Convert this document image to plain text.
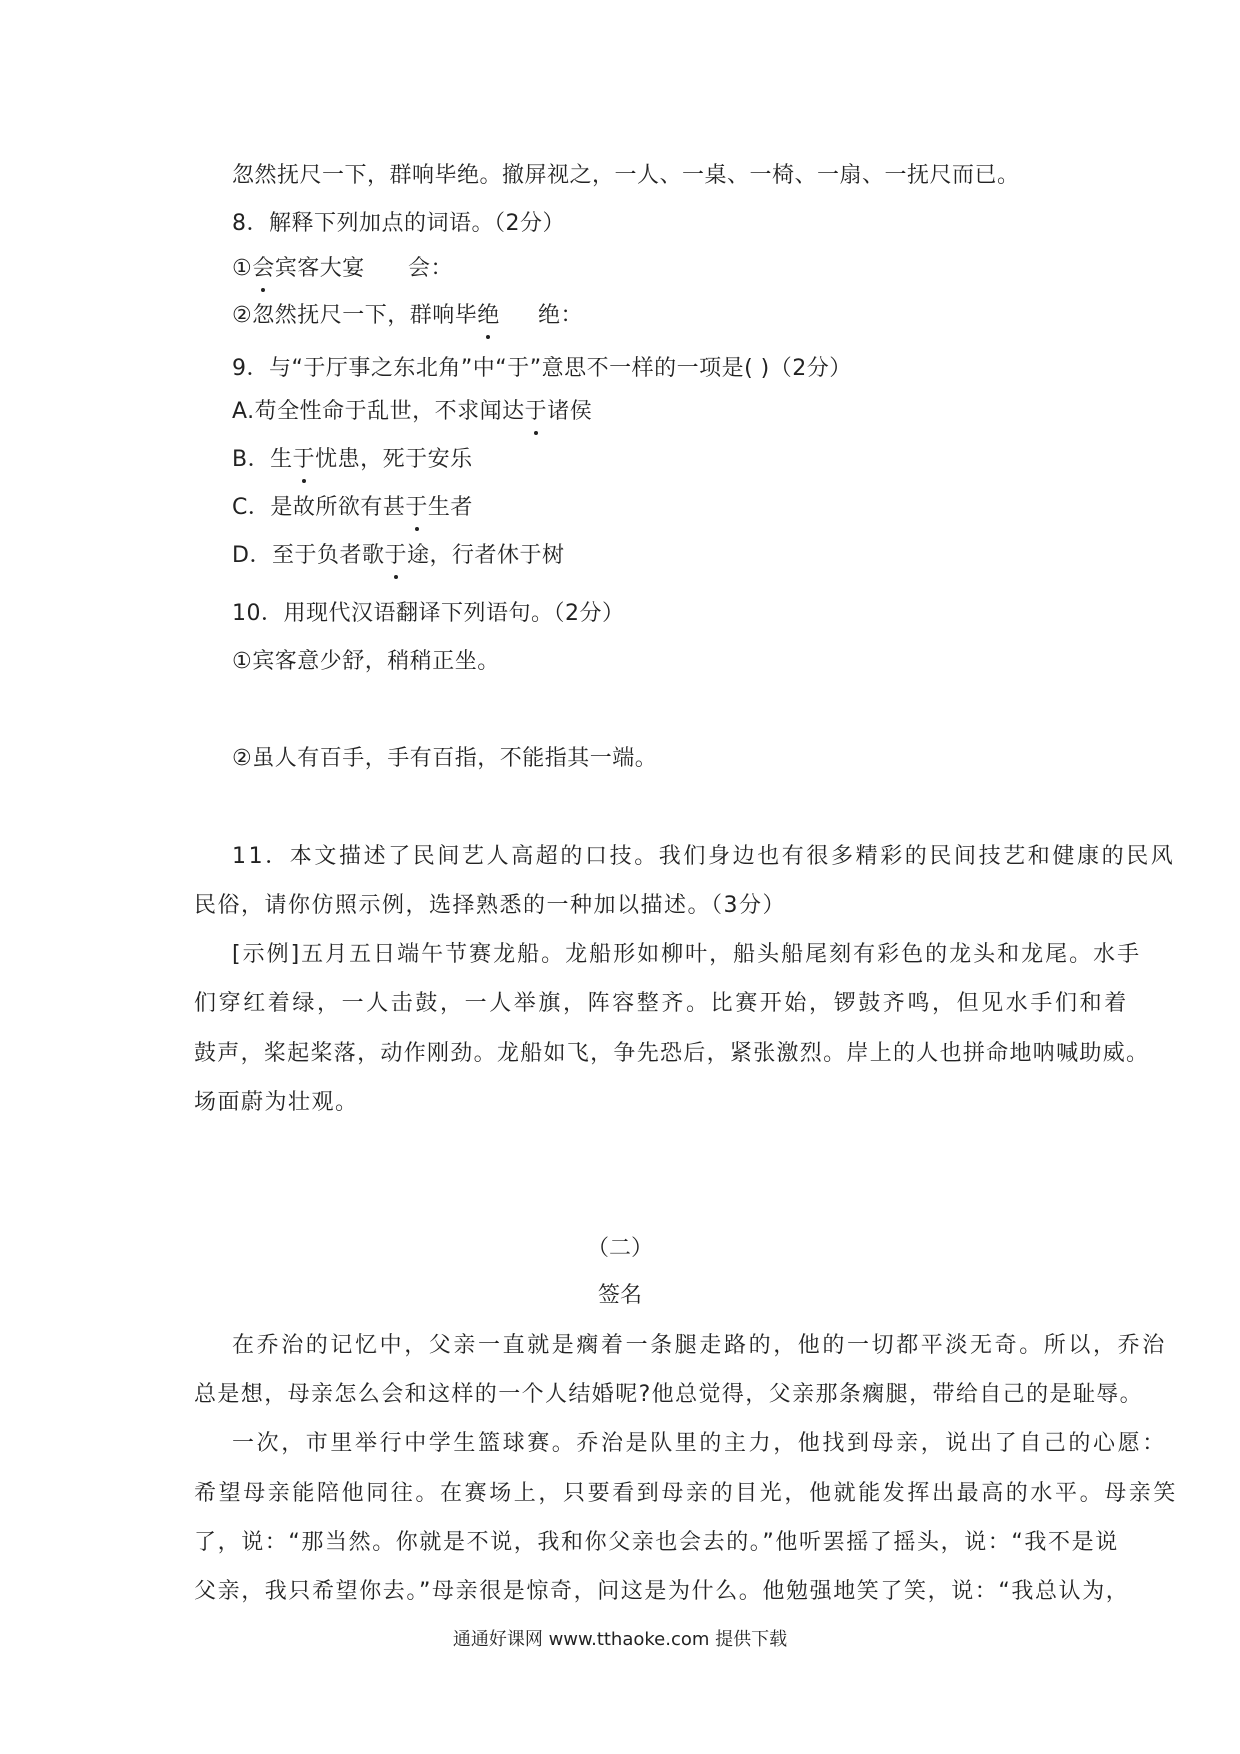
忽然抚尺一下，群响毕绝。撤屏视之，一人、一桌、一椅、一扇、一抚尺而已。
8．解释下列加点的词语。（2分）
①会宾客大宴 会：
②忽然抚尺一下，群响毕绝 绝：
9．与“于厅事之东北角”中“于”意思不一样的一项是( )（2分）
A.苟全性命于乱世，不求闻达于诸侯
B．生于忧患，死于安乐
C．是故所欲有甚于生者
D．至于负者歌于途，行者休于树
10．用现代汉语翻译下列语句。（2分）
①宾客意少舒，稍稍正坐。
②虽人有百手，手有百指，不能指其一端。
11．本文描述了民间艺人高超的口技。我们身边也有很多精彩的民间技艺和健康的民风
民俗，请你仿照示例，选择熟悉的一种加以描述。（3分）
[示例]五月五日端午节赛龙船。龙船形如柳叶，船头船尾刻有彩色的龙头和龙尾。水手
们穿红着绿，一人击鼓，一人举旗，阵容整齐。比赛开始，锣鼓齐鸣，但见水手们和着
鼓声，桨起桨落，动作刚劲。龙船如飞，争先恐后，紧张激烈。岸上的人也拼命地呐喊助威。
场面蔚为壮观。
（二）
签名
在乔治的记忆中，父亲一直就是瘸着一条腿走路的，他的一切都平淡无奇。所以，乔治
总是想，母亲怎么会和这样的一个人结婚呢?他总觉得，父亲那条瘸腿，带给自己的是耻辱。
一次，市里举行中学生篮球赛。乔治是队里的主力，他找到母亲，说出了自己的心愿：
希望母亲能陪他同往。在赛场上，只要看到母亲的目光，他就能发挥出最高的水平。母亲笑
了，说：“那当然。你就是不说，我和你父亲也会去的。”他听罢摇了摇头，说：“我不是说
父亲，我只希望你去。”母亲很是惊奇，问这是为什么。他勉强地笑了笑，说：“我总认为，
通通好课网 www.tthaoke.com 提供下载
